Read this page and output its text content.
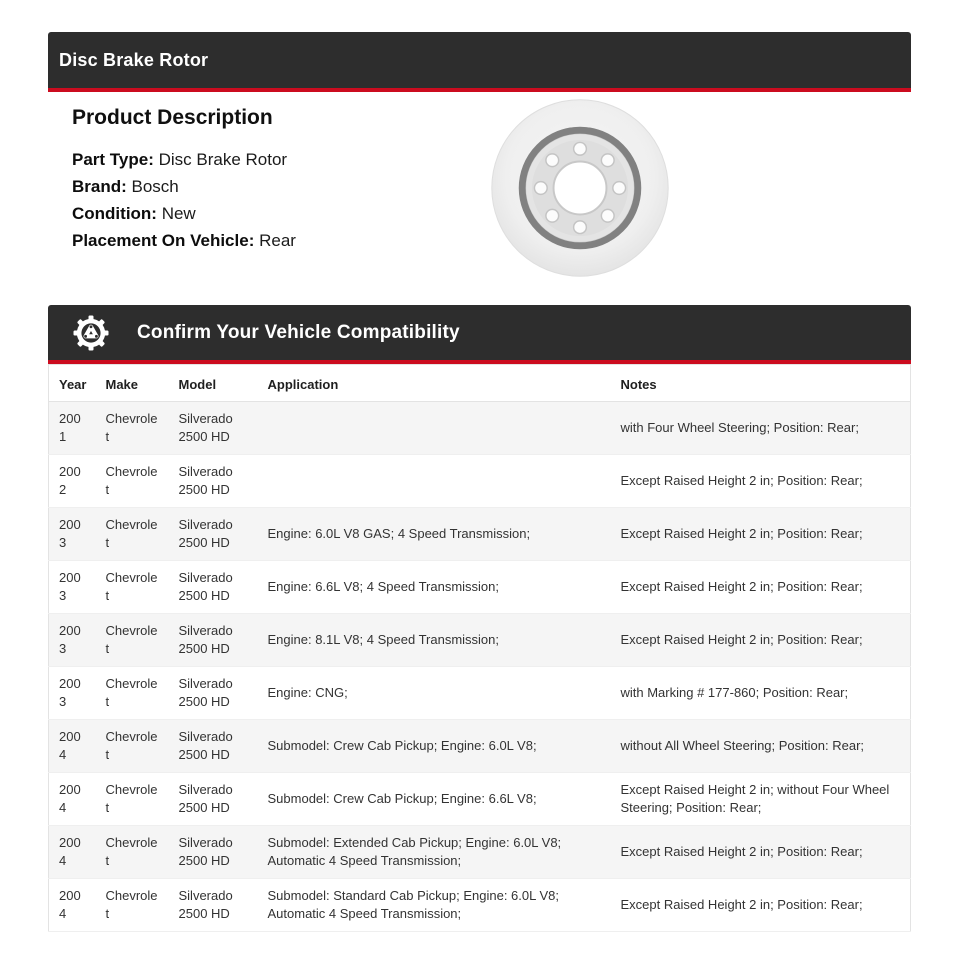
Disc Brake Rotor
Product Description
Part Type: Disc Brake Rotor
Brand: Bosch
Condition: New
Placement On Vehicle: Rear
Confirm Your Vehicle Compatibility
Year	Make	Model	Application	Notes
2001	Chevrolet	Silverado 2500 HD		with Four Wheel Steering; Position: Rear;
2002	Chevrolet	Silverado 2500 HD		Except Raised Height 2 in; Position: Rear;
2003	Chevrolet	Silverado 2500 HD	Engine: 6.0L V8 GAS; 4 Speed Transmission;	Except Raised Height 2 in; Position: Rear;
2003	Chevrolet	Silverado 2500 HD	Engine: 6.6L V8; 4 Speed Transmission;	Except Raised Height 2 in; Position: Rear;
2003	Chevrolet	Silverado 2500 HD	Engine: 8.1L V8; 4 Speed Transmission;	Except Raised Height 2 in; Position: Rear;
2003	Chevrolet	Silverado 2500 HD	Engine: CNG;	with Marking # 177-860; Position: Rear;
2004	Chevrolet	Silverado 2500 HD	Submodel: Crew Cab Pickup; Engine: 6.0L V8;	without All Wheel Steering; Position: Rear;
2004	Chevrolet	Silverado 2500 HD	Submodel: Crew Cab Pickup; Engine: 6.6L V8;	Except Raised Height 2 in; without Four Wheel Steering; Position: Rear;
2004	Chevrolet	Silverado 2500 HD	Submodel: Extended Cab Pickup; Engine: 6.0L V8; Automatic 4 Speed Transmission;	Except Raised Height 2 in; Position: Rear;
2004	Chevrolet	Silverado 2500 HD	Submodel: Standard Cab Pickup; Engine: 6.0L V8; Automatic 4 Speed Transmission;	Except Raised Height 2 in; Position: Rear;
